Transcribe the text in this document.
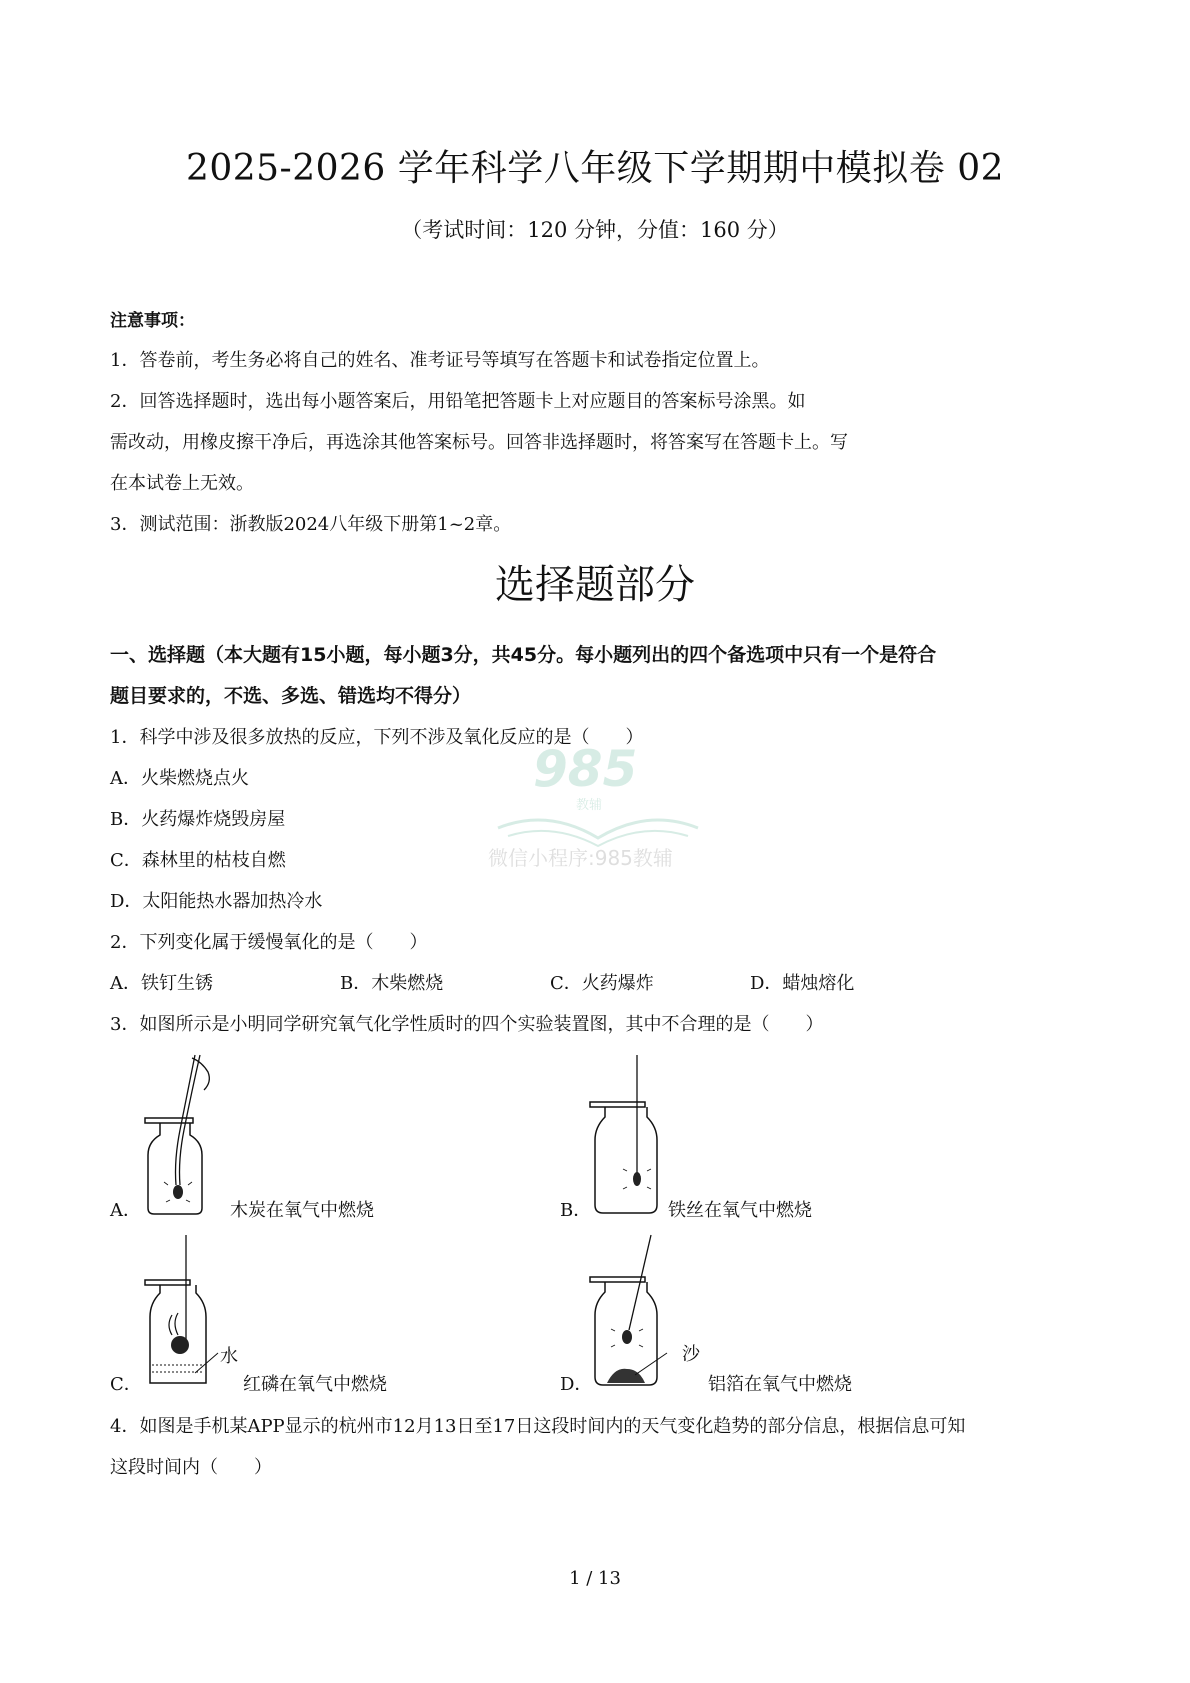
2025-2026 学年科学八年级下学期期中模拟卷 02
（考试时间：120 分钟，分值：160 分）
注意事项：
1．答卷前，考生务必将自己的姓名、准考证号等填写在答题卡和试卷指定位置上。
2．回答选择题时，选出每小题答案后，用铅笔把答题卡上对应题目的答案标号涂黑。如
需改动，用橡皮擦干净后，再选涂其他答案标号。回答非选择题时，将答案写在答题卡上。写
在本试卷上无效。
3．测试范围：浙教版2024八年级下册第1~2章。
选择题部分
一、选择题（本大题有15小题，每小题3分，共45分。每小题列出的四个备选项中只有一个是符合
题目要求的，不选、多选、错选均不得分）
985
教辅
微信小程序:985教辅
1．科学中涉及很多放热的反应，下列不涉及氧化反应的是（　　）
A．火柴燃烧点火
B．火药爆炸烧毁房屋
C．森林里的枯枝自燃
D．太阳能热水器加热冷水
2．下列变化属于缓慢氧化的是（　　）
A．铁钉生锈	B．木柴燃烧	C．火药爆炸	D．蜡烛熔化
3．如图所示是小明同学研究氧气化学性质时的四个实验装置图，其中不合理的是（　　）
A．	木炭在氧气中燃烧	B．	铁丝在氧气中燃烧
C．
水
红磷在氧气中燃烧	D．
沙
铝箔在氧气中燃烧
4．如图是手机某APP显示的杭州市12月13日至17日这段时间内的天气变化趋势的部分信息，根据信息可知
这段时间内（　　）
1 / 13
